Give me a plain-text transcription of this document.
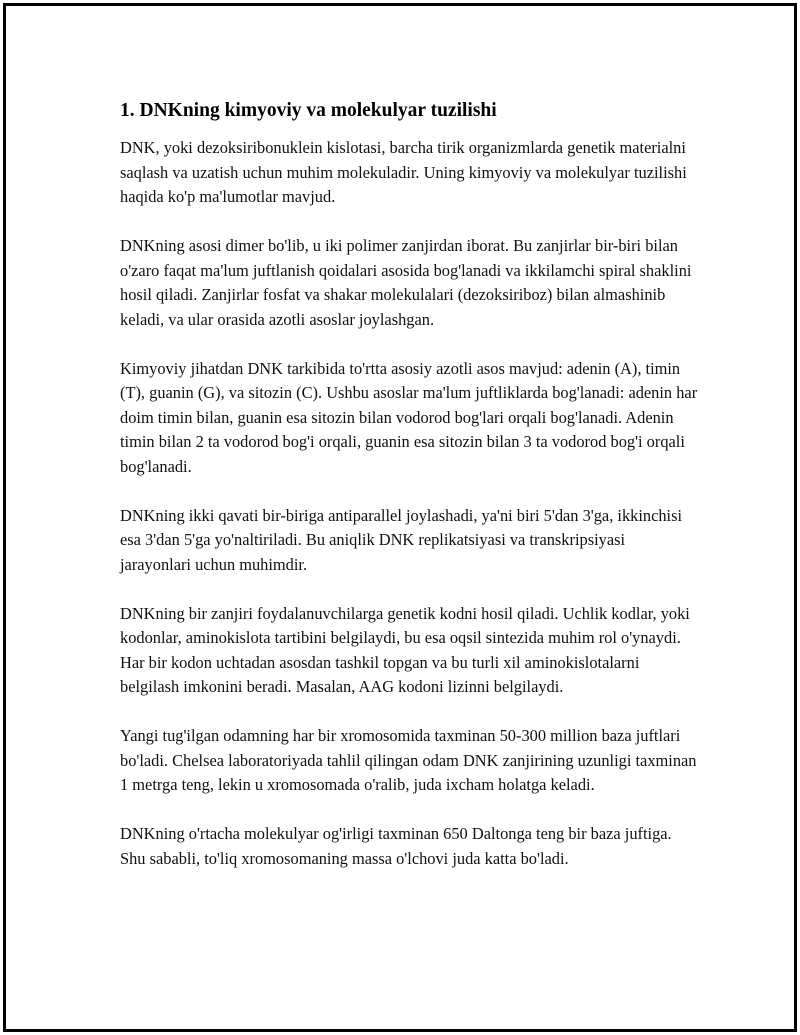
1. DNKning kimyoviy va molekulyar tuzilishi

DNK, yoki dezoksiribonuklein kislotasi, barcha tirik organizmlarda genetik materialni saqlash va uzatish uchun muhim molekuladir. Uning kimyoviy va molekulyar tuzilishi haqida ko'p ma'lumotlar mavjud.

DNKning asosi dimer bo'lib, u iki polimer zanjirdan iborat. Bu zanjirlar bir-biri bilan o'zaro faqat ma'lum juftlanish qoidalari asosida bog'lanadi va ikkilamchi spiral shaklini hosil qiladi. Zanjirlar fosfat va shakar molekulalari (dezoksiriboz) bilan almashinib keladi, va ular orasida azotli asoslar joylashgan.

Kimyoviy jihatdan DNK tarkibida to'rtta asosiy azotli asos mavjud: adenin (A), timin (T), guanin (G), va sitozin (C). Ushbu asoslar ma'lum juftliklarda bog'lanadi: adenin har doim timin bilan, guanin esa sitozin bilan vodorod bog'lari orqali bog'lanadi. Adenin timin bilan 2 ta vodorod bog'i orqali, guanin esa sitozin bilan 3 ta vodorod bog'i orqali bog'lanadi.

DNKning ikki qavati bir-biriga antiparallel joylashadi, ya'ni biri 5'dan 3'ga, ikkinchisi esa 3'dan 5'ga yo'naltiriladi. Bu aniqlik DNK replikatsiyasi va transkripsiyasi jarayonlari uchun muhimdir.

DNKning bir zanjiri foydalanuvchilarga genetik kodni hosil qiladi. Uchlik kodlar, yoki kodonlar, aminokislota tartibini belgilaydi, bu esa oqsil sintezida muhim rol o'ynaydi. Har bir kodon uchtadan asosdan tashkil topgan va bu turli xil aminokislotalarni belgilash imkonini beradi. Masalan, AAG kodoni lizinni belgilaydi.

Yangi tug'ilgan odamning har bir xromosomida taxminan 50-300 million baza juftlari bo'ladi. Chelsea laboratoriyada tahlil qilingan odam DNK zanjirining uzunligi taxminan 1 metrga teng, lekin u xromosomada o'ralib, juda ixcham holatga keladi.

DNKning o'rtacha molekulyar og'irligi taxminan 650 Daltonga teng bir baza juftiga. Shu sababli, to'liq xromosomaning massa o'lchovi juda katta bo'ladi.
